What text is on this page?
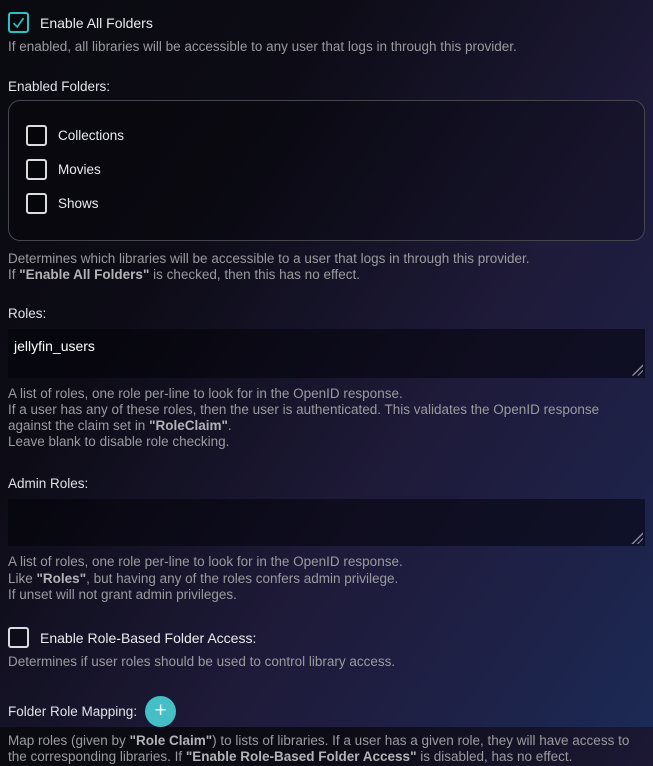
Enable All Folders
If enabled, all libraries will be accessible to any user that logs in through this provider.
Enabled Folders:
Collections
Movies
Shows
Determines which libraries will be accessible to a user that logs in through this provider.
If "Enable All Folders" is checked, then this has no effect.
Roles:
jellyfin_users
A list of roles, one role per-line to look for in the OpenID response.
If a user has any of these roles, then the user is authenticated. This validates the OpenID response against the claim set in "RoleClaim".
Leave blank to disable role checking.
Admin Roles:
A list of roles, one role per-line to look for in the OpenID response.
Like "Roles", but having any of the roles confers admin privilege.
If unset will not grant admin privileges.
Enable Role-Based Folder Access:
Determines if user roles should be used to control library access.
Folder Role Mapping: +
Map roles (given by "Role Claim") to lists of libraries. If a user has a given role, they will have access to the corresponding libraries. If "Enable Role-Based Folder Access" is disabled, has no effect.
